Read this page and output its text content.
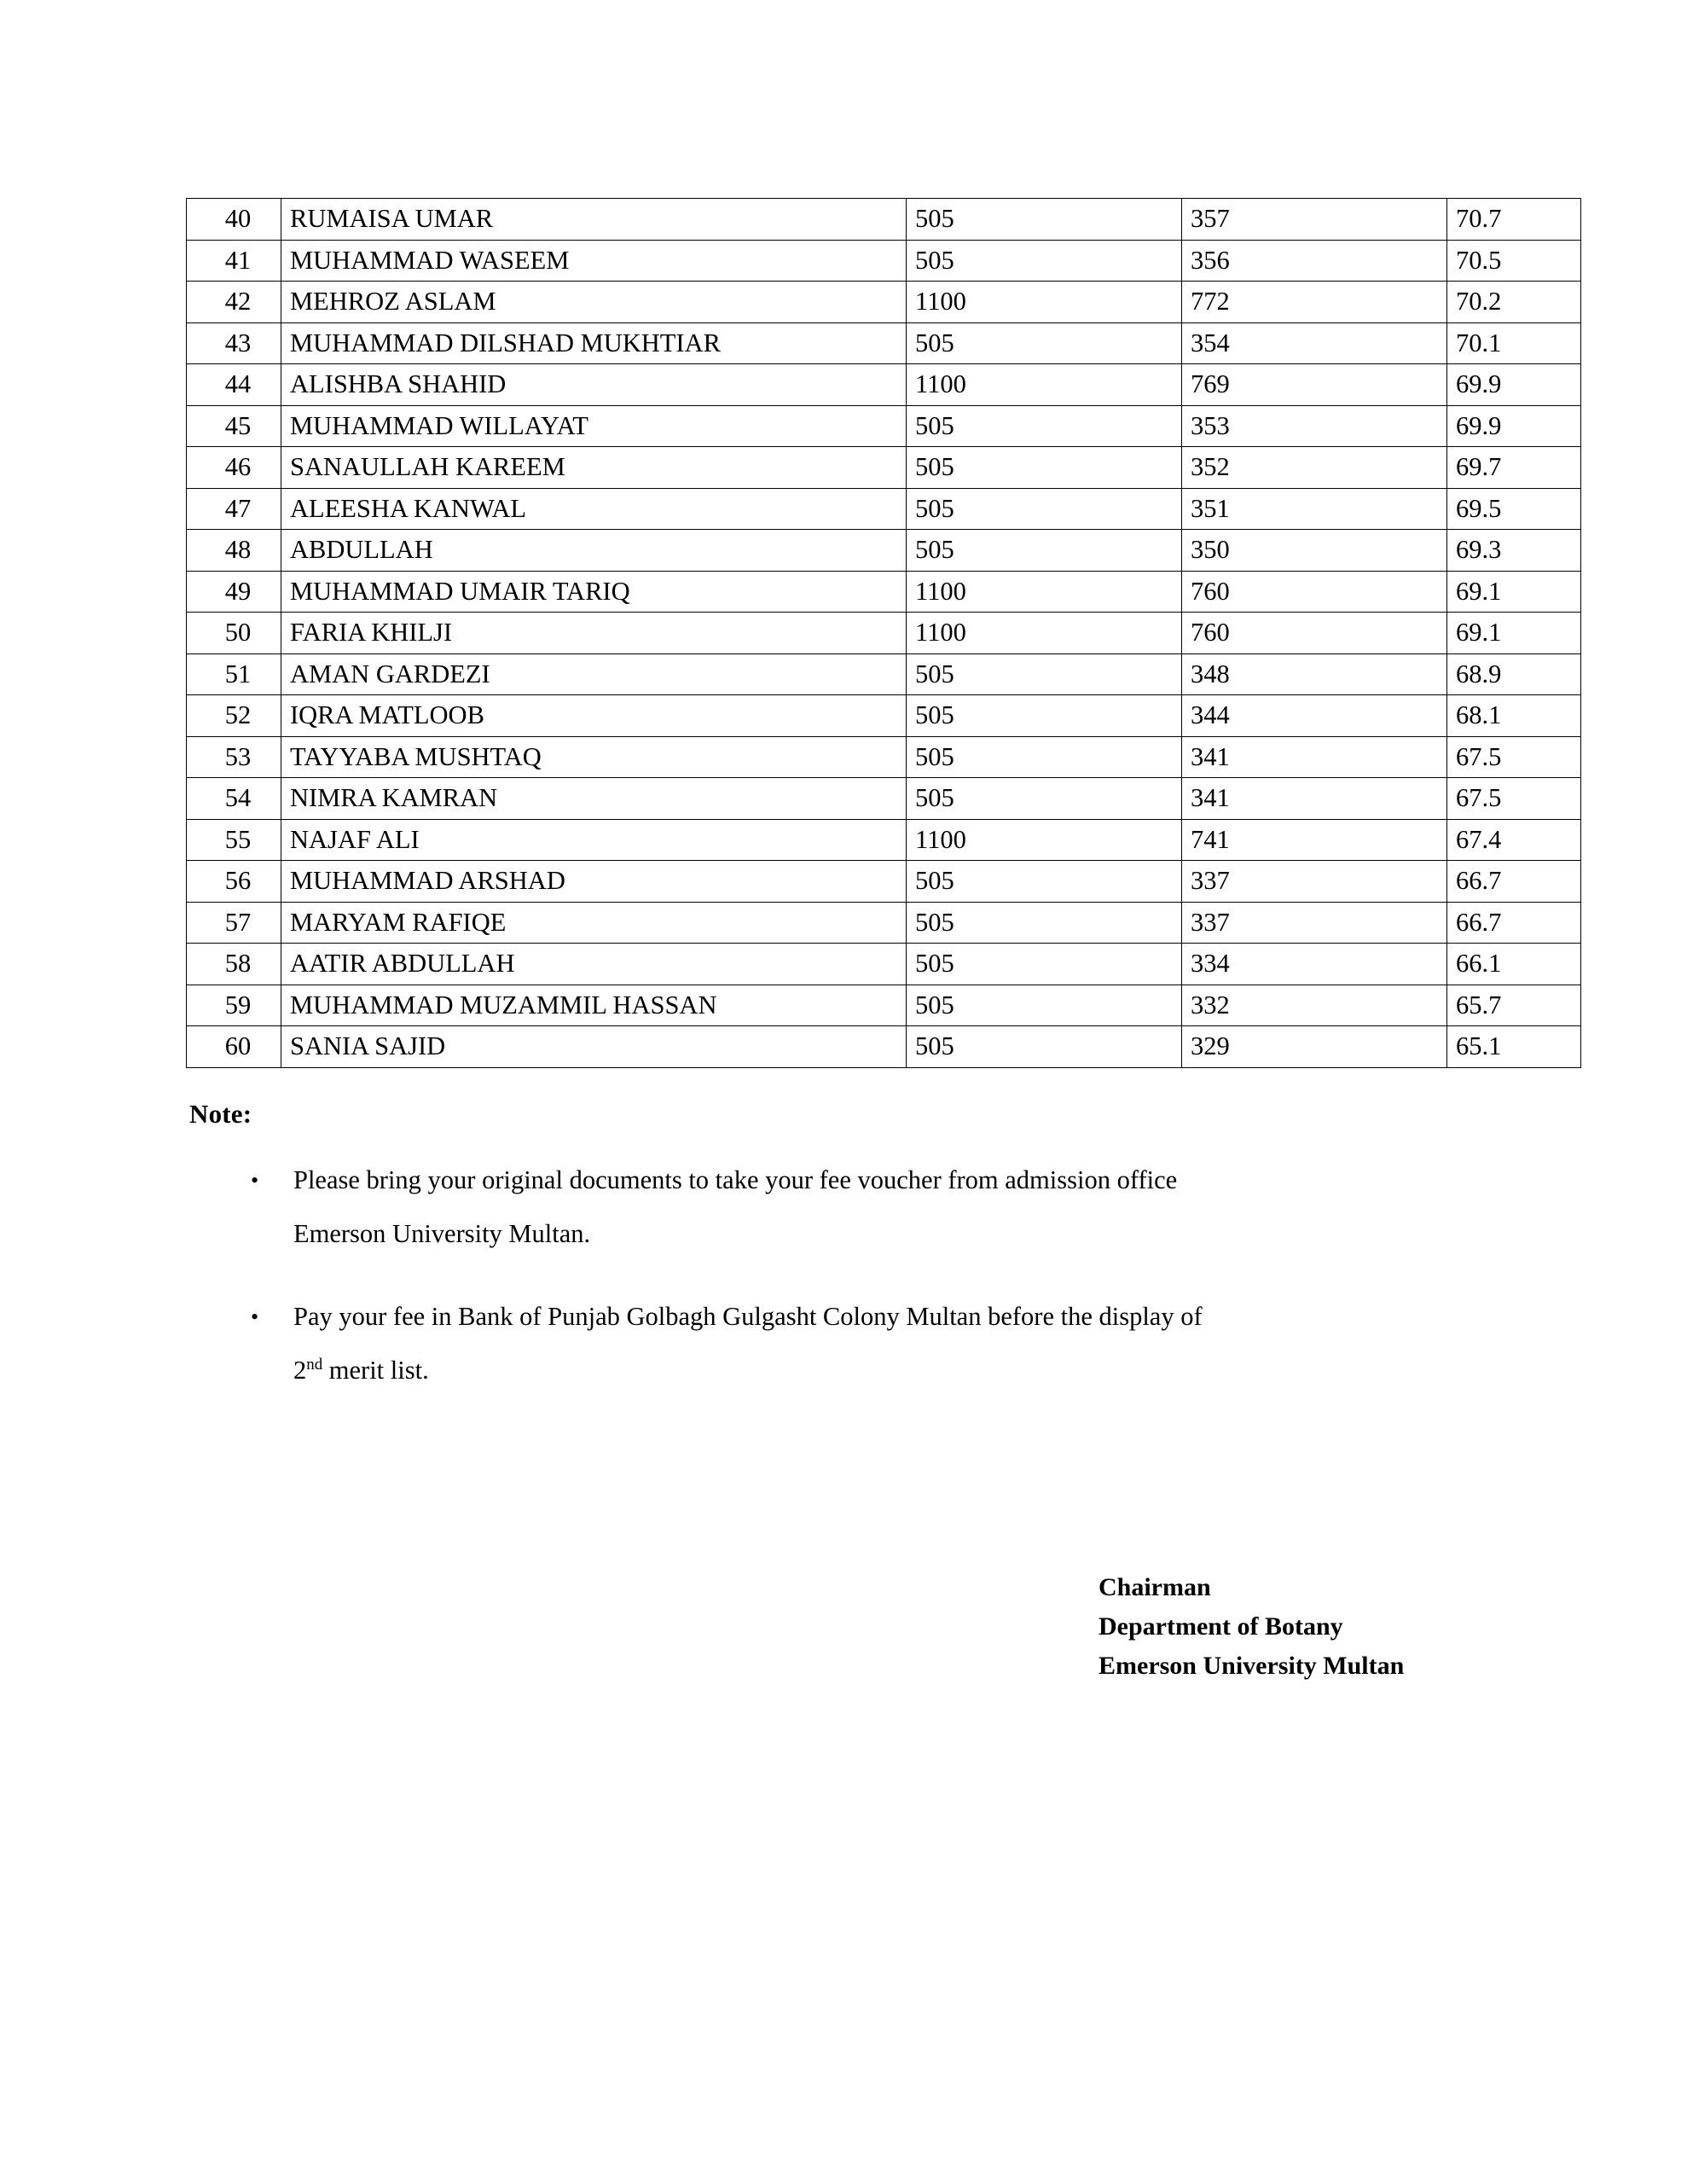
40	RUMAISA UMAR	505	357	70.7
41	MUHAMMAD WASEEM	505	356	70.5
42	MEHROZ ASLAM	1100	772	70.2
43	MUHAMMAD DILSHAD MUKHTIAR	505	354	70.1
44	ALISHBA SHAHID	1100	769	69.9
45	MUHAMMAD WILLAYAT	505	353	69.9
46	SANAULLAH KAREEM	505	352	69.7
47	ALEESHA KANWAL	505	351	69.5
48	ABDULLAH	505	350	69.3
49	MUHAMMAD UMAIR TARIQ	1100	760	69.1
50	FARIA KHILJI	1100	760	69.1
51	AMAN GARDEZI	505	348	68.9
52	IQRA MATLOOB	505	344	68.1
53	TAYYABA MUSHTAQ	505	341	67.5
54	NIMRA KAMRAN	505	341	67.5
55	NAJAF ALI	1100	741	67.4
56	MUHAMMAD ARSHAD	505	337	66.7
57	MARYAM RAFIQE	505	337	66.7
58	AATIR ABDULLAH	505	334	66.1
59	MUHAMMAD MUZAMMIL HASSAN	505	332	65.7
60	SANIA SAJID	505	329	65.1
Note:
• Please bring your original documents to take your fee voucher from admission office
Emerson University Multan.
• Pay your fee in Bank of Punjab Golbagh Gulgasht Colony Multan before the display of
2nd merit list.
Chairman
Department of Botany
Emerson University Multan
